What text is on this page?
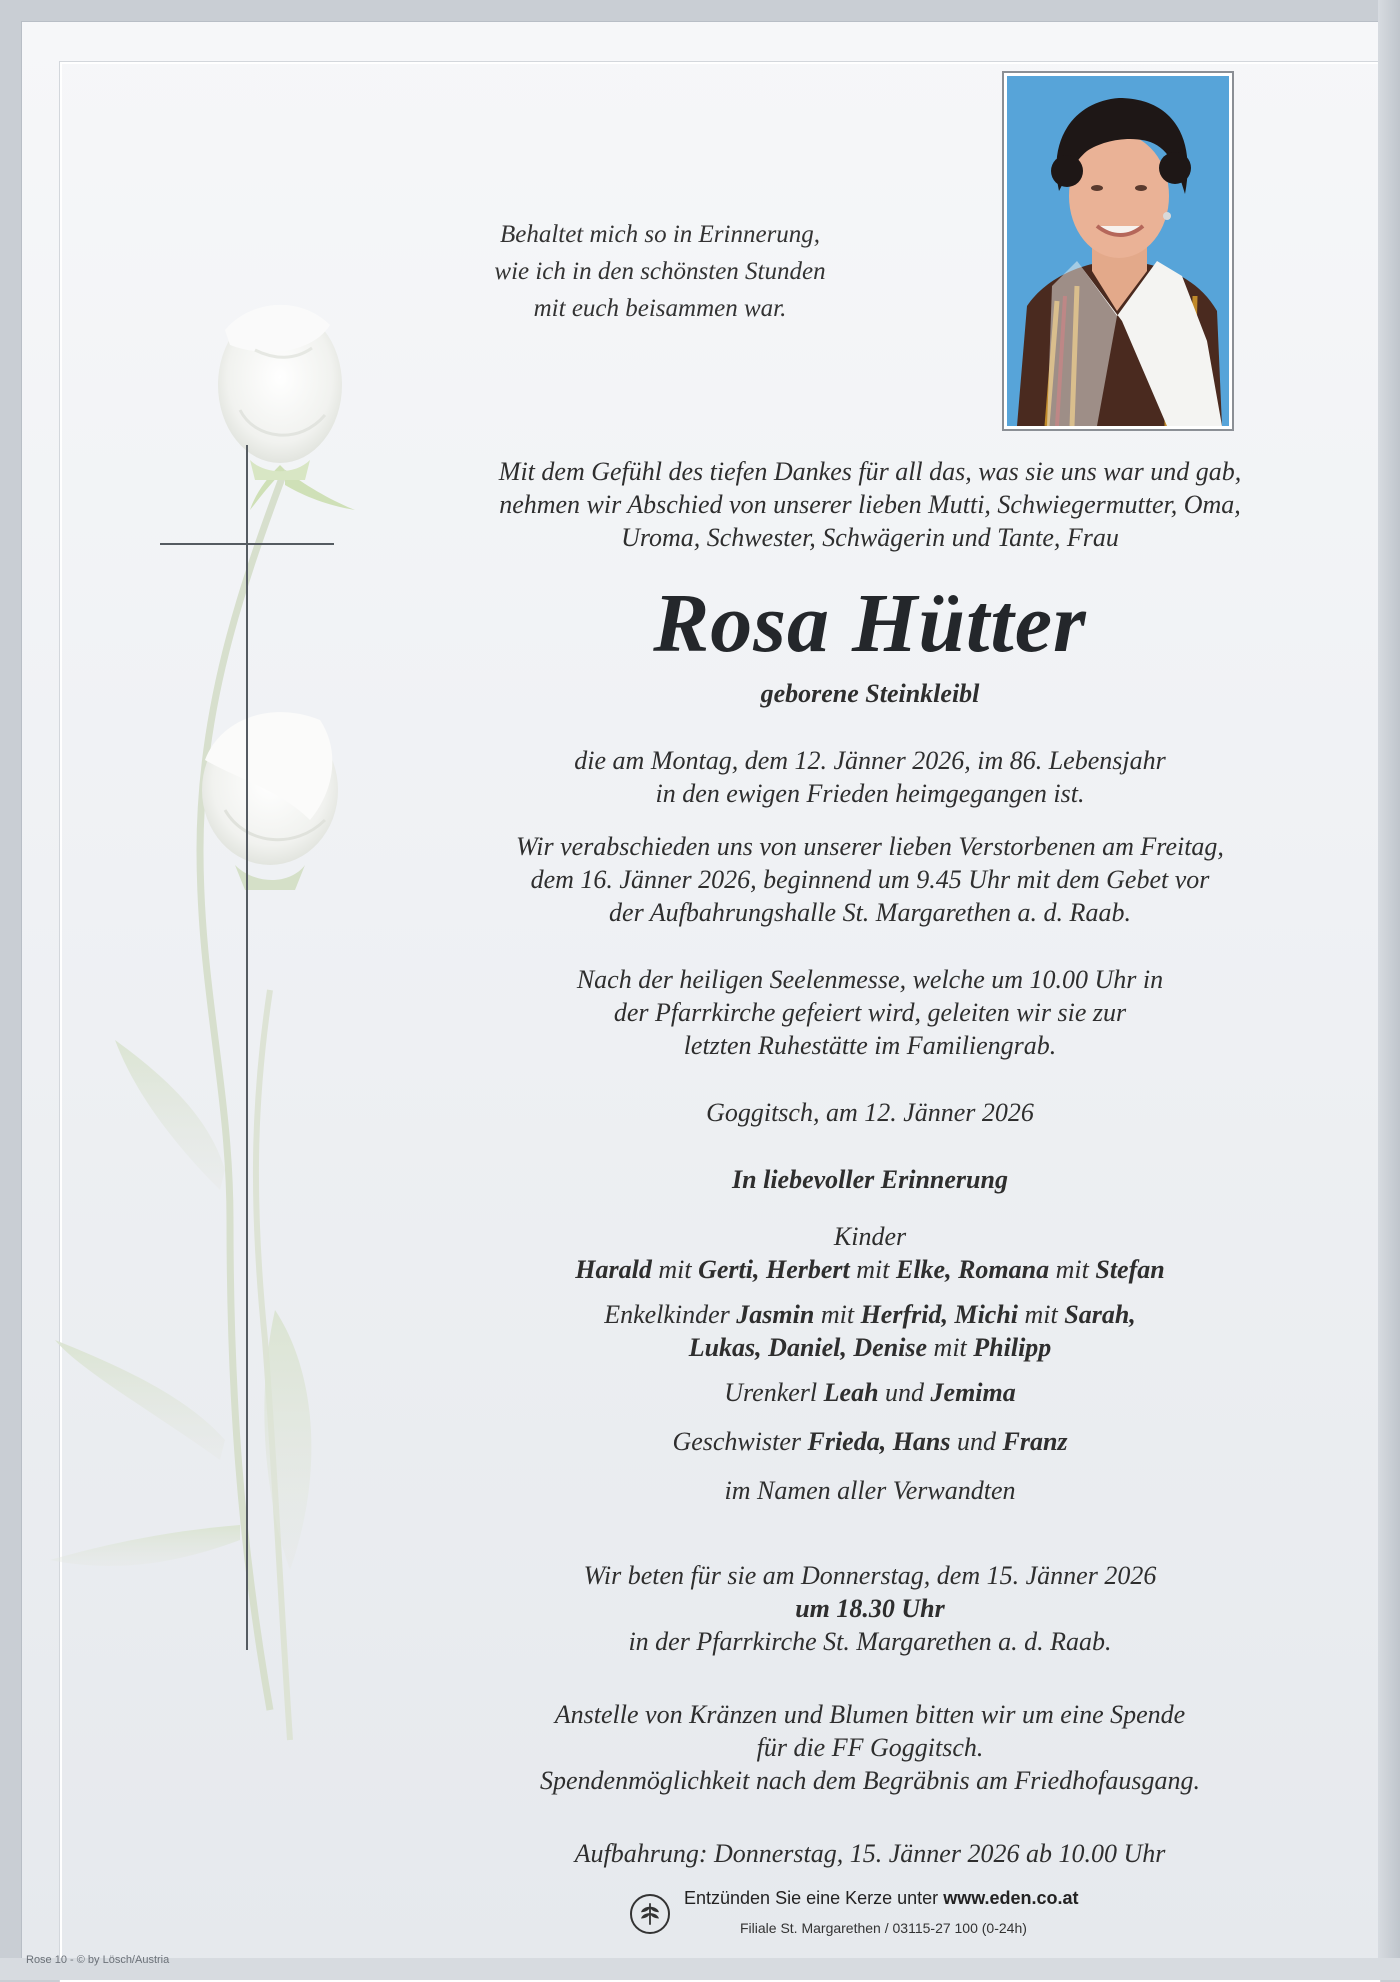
Behaltet mich so in Erinnerung,
wie ich in den schönsten Stunden
mit euch beisammen war.

Mit dem Gefühl des tiefen Dankes für all das, was sie uns war und gab,
nehmen wir Abschied von unserer lieben Mutti, Schwiegermutter, Oma,
Uroma, Schwester, Schwägerin und Tante, Frau

Rosa Hütter

geborene Steinkleibl

die am Montag, dem 12. Jänner 2026, im 86. Lebensjahr
in den ewigen Frieden heimgegangen ist.

Wir verabschieden uns von unserer lieben Verstorbenen am Freitag,
dem 16. Jänner 2026, beginnend um 9.45 Uhr mit dem Gebet vor
der Aufbahrungshalle St. Margarethen a. d. Raab.

Nach der heiligen Seelenmesse, welche um 10.00 Uhr in
der Pfarrkirche gefeiert wird, geleiten wir sie zur
letzten Ruhestätte im Familiengrab.

Goggitsch, am 12. Jänner 2026

In liebevoller Erinnerung

Kinder
Harald mit Gerti, Herbert mit Elke, Romana mit Stefan

Enkelkinder Jasmin mit Herfrid, Michi mit Sarah,
Lukas, Daniel, Denise mit Philipp

Urenkerl Leah und Jemima

Geschwister Frieda, Hans und Franz

im Namen aller Verwandten

Wir beten für sie am Donnerstag, dem 15. Jänner 2026
um 18.30 Uhr
in der Pfarrkirche St. Margarethen a. d. Raab.

Anstelle von Kränzen und Blumen bitten wir um eine Spende
für die FF Goggitsch.
Spendenmöglichkeit nach dem Begräbnis am Friedhofausgang.

Aufbahrung: Donnerstag, 15. Jänner 2026 ab 10.00 Uhr

Entzünden Sie eine Kerze unter www.eden.co.at
Filiale St. Margarethen / 03115-27 100 (0-24h)
Rose 10 - © by Lösch/Austria
